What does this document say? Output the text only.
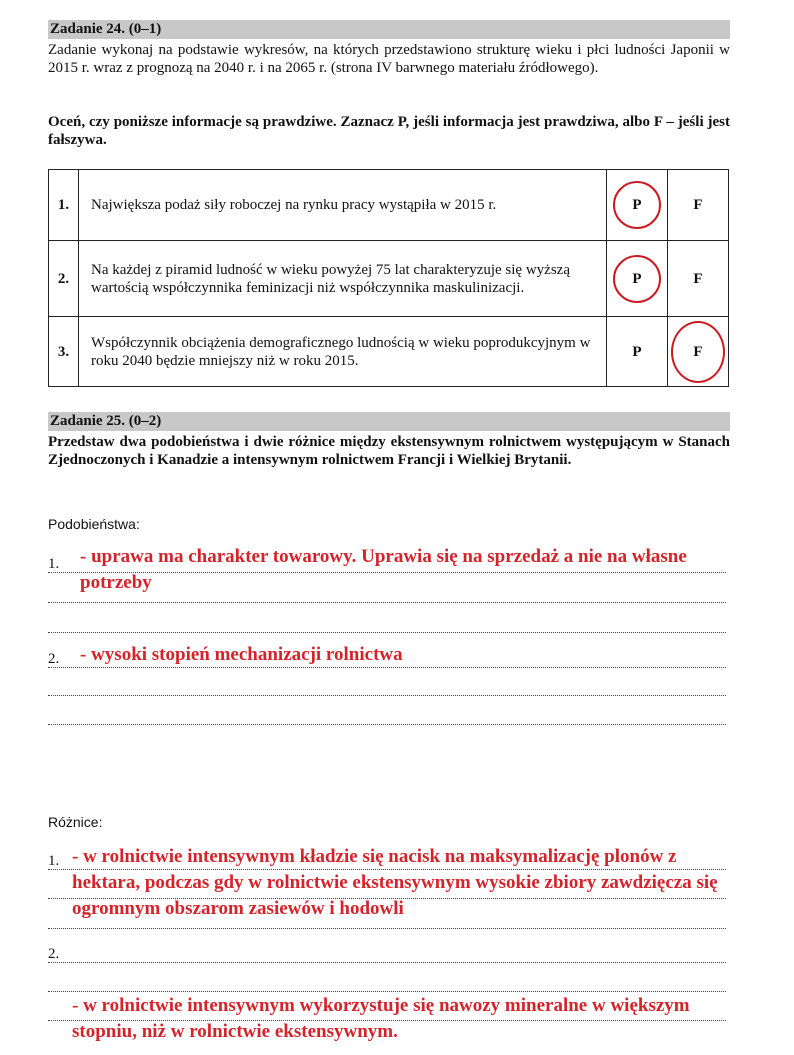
Zadanie 24. (0–1)
Zadanie wykonaj na podstawie wykresów, na których przedstawiono strukturę wieku i płci ludności Japonii w 2015 r. wraz z prognozą na 2040 r. i na 2065 r. (strona IV barwnego materiału źródłowego).
Oceń, czy poniższe informacje są prawdziwe. Zaznacz P, jeśli informacja jest prawdziwa, albo F – jeśli jest fałszywa.
1.	Największa podaż siły roboczej na rynku pracy wystąpiła w 2015 r.	P	F
2.	Na każdej z piramid ludność w wieku powyżej 75 lat charakteryzuje się wyższą wartością współczynnika feminizacji niż współczynnika maskulinizacji.	P	F
3.	Współczynnik obciążenia demograficznego ludnością w wieku poprodukcyjnym w roku 2040 będzie mniejszy niż w roku 2015.	P	F
Zadanie 25. (0–2)
Przedstaw dwa podobieństwa i dwie różnice między ekstensywnym rolnictwem występującym w Stanach Zjednoczonych i Kanadzie a intensywnym rolnictwem Francji i Wielkiej Brytanii.
Podobieństwa:
1.
2.
- uprawa ma charakter towarowy. Uprawia się na sprzedaż a nie na własne potrzeby
- wysoki stopień mechanizacji rolnictwa
Różnice:
1.
2.
- w rolnictwie intensywnym kładzie się nacisk na maksymalizację plonów z hektara, podczas gdy w rolnictwie ekstensywnym wysokie zbiory zawdzięcza się ogromnym obszarom zasiewów i hodowli
- w rolnictwie intensywnym wykorzystuje się nawozy mineralne w większym stopniu, niż w rolnictwie ekstensywnym.
